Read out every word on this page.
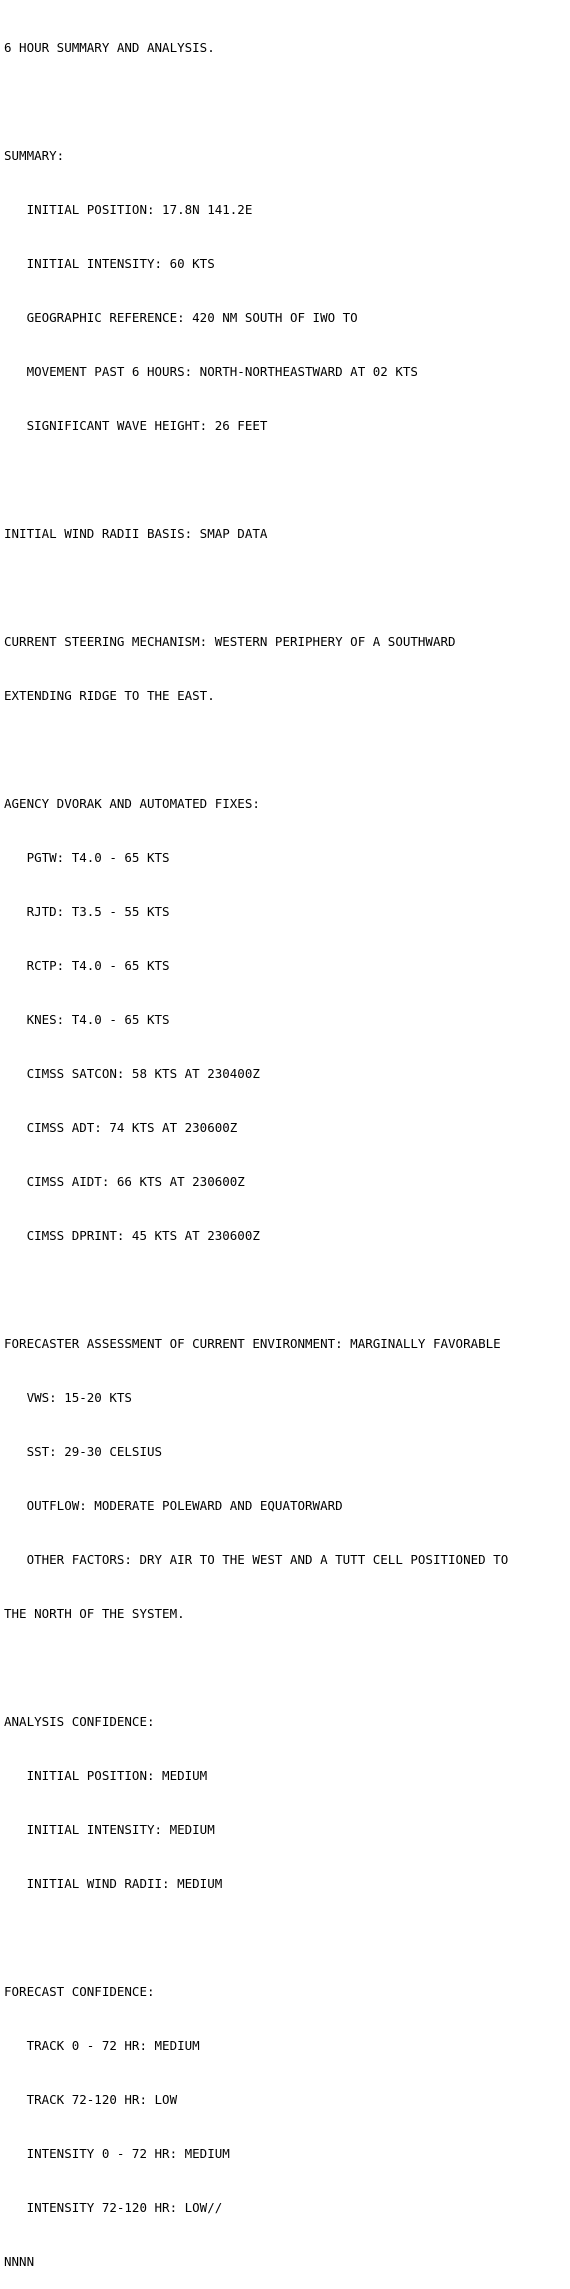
6 HOUR SUMMARY AND ANALYSIS.

SUMMARY:

INITIAL POSITION: 17.8N 141.2E

INITIAL INTENSITY: 60 KTS

GEOGRAPHIC REFERENCE: 420 NM SOUTH OF IWO TO

MOVEMENT PAST 6 HOURS: NORTH-NORTHEASTWARD AT 02 KTS

SIGNIFICANT WAVE HEIGHT: 26 FEET

INITIAL WIND RADII BASIS: SMAP DATA

CURRENT STEERING MECHANISM: WESTERN PERIPHERY OF A SOUTHWARD

EXTENDING RIDGE TO THE EAST.

AGENCY DVORAK AND AUTOMATED FIXES:

PGTW: T4.0 - 65 KTS

RJTD: T3.5 - 55 KTS

RCTP: T4.0 - 65 KTS

KNES: T4.0 - 65 KTS

CIMSS SATCON: 58 KTS AT 230400Z

CIMSS ADT: 74 KTS AT 230600Z

CIMSS AIDT: 66 KTS AT 230600Z

CIMSS DPRINT: 45 KTS AT 230600Z

FORECASTER ASSESSMENT OF CURRENT ENVIRONMENT: MARGINALLY FAVORABLE

VWS: 15-20 KTS

SST: 29-30 CELSIUS

OUTFLOW: MODERATE POLEWARD AND EQUATORWARD

OTHER FACTORS: DRY AIR TO THE WEST AND A TUTT CELL POSITIONED TO

THE NORTH OF THE SYSTEM.

ANALYSIS CONFIDENCE:

INITIAL POSITION: MEDIUM

INITIAL INTENSITY: MEDIUM

INITIAL WIND RADII: MEDIUM

FORECAST CONFIDENCE:

TRACK 0 - 72 HR: MEDIUM

TRACK 72-120 HR: LOW

INTENSITY 0 - 72 HR: MEDIUM

INTENSITY 72-120 HR: LOW//

NNNN
